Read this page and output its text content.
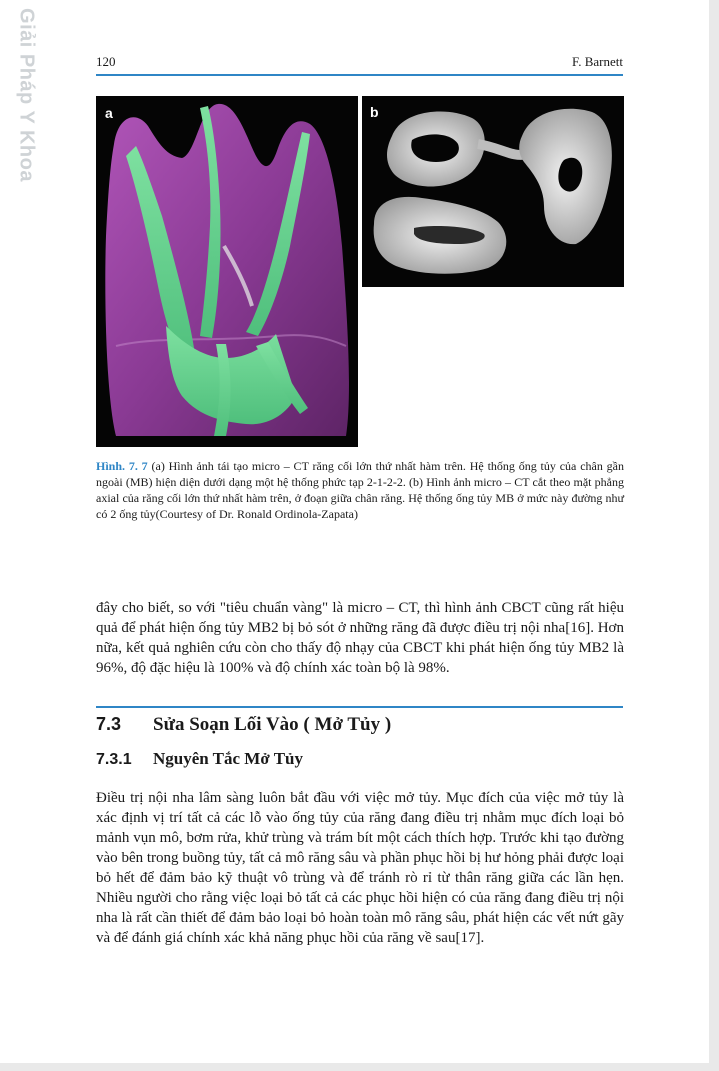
Giải Pháp Y Khoa	120	F. Barnett
a	b
Hình. 7. 7 (a) Hình ảnh tái tạo micro – CT răng cối lớn thứ nhất hàm trên. Hệ thống ống tủy của chân gần ngoài (MB) hiện diện dưới dạng một hệ thống phức tạp 2-1-2-2. (b) Hình ảnh micro – CT cắt theo mặt phẳng axial của răng cối lớn thứ nhất hàm trên, ở đoạn giữa chân răng. Hệ thống ống tủy MB ở mức này đường như có 2 ống tủy(Courtesy of Dr. Ronald Ordinola-Zapata)

đây cho biết, so với "tiêu chuẩn vàng" là micro – CT, thì hình ảnh CBCT cũng rất hiệu quả để phát hiện ống tủy MB2 bị bỏ sót ở những răng đã được điều trị nội nha[16]. Hơn nữa, kết quả nghiên cứu còn cho thấy độ nhạy của CBCT khi phát hiện ống tủy MB2 là 96%, độ đặc hiệu là 100% và độ chính xác toàn bộ là 98%.

7.3 Sửa Soạn Lối Vào ( Mở Tủy )
7.3.1 Nguyên Tắc Mở Tủy

Điều trị nội nha lâm sàng luôn bắt đầu với việc mở tủy. Mục đích của việc mở tủy là xác định vị trí tất cả các lỗ vào ống tủy của răng đang điều trị nhằm mục đích loại bỏ mảnh vụn mô, bơm rửa, khử trùng và trám bít một cách thích hợp. Trước khi tạo đường vào bên trong buồng tủy, tất cả mô răng sâu và phần phục hồi bị hư hỏng phải được loại bỏ hết để đảm bảo kỹ thuật vô trùng và để tránh rò rỉ từ thân răng giữa các lần hẹn. Nhiều người cho rằng việc loại bỏ tất cả các phục hồi hiện có của răng đang điều trị nội nha là rất cần thiết để đảm bảo loại bỏ hoàn toàn mô răng sâu, phát hiện các vết nứt gãy và để đánh giá chính xác khả năng phục hồi của răng về sau[17].
